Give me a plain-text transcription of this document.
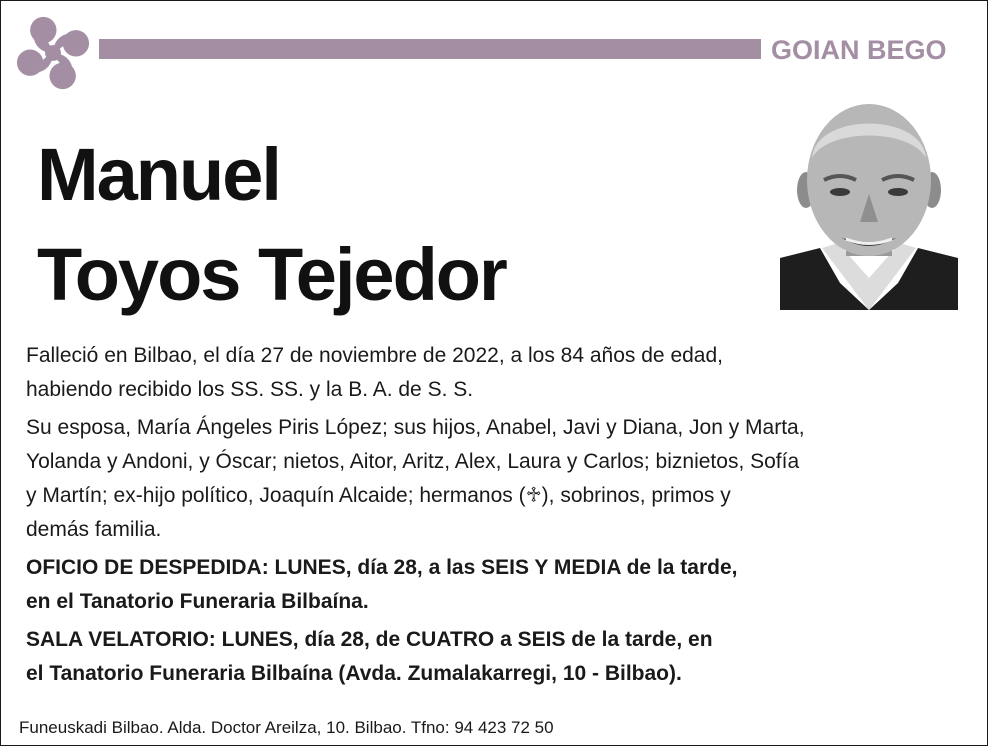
GOIAN BEGO
Manuel
Toyos Tejedor

Falleció en Bilbao, el día 27 de noviembre de 2022, a los 84 años de edad,
habiendo recibido los SS. SS. y la B. A. de S. S.

Su esposa, María Ángeles Piris López; sus hijos, Anabel, Javi y Diana, Jon y Marta,
Yolanda y Andoni, y Óscar; nietos, Aitor, Aritz, Alex, Laura y Carlos; biznietos, Sofía
y Martín; ex-hijo político, Joaquín Alcaide; hermanos (♱), sobrinos, primos y
demás familia.

OFICIO DE DESPEDIDA: LUNES, día 28, a las SEIS Y MEDIA de la tarde,
en el Tanatorio Funeraria Bilbaína.

SALA VELATORIO: LUNES, día 28, de CUATRO a SEIS de la tarde, en
el Tanatorio Funeraria Bilbaína (Avda. Zumalakarregi, 10 - Bilbao).

Funeuskadi Bilbao. Alda. Doctor Areilza, 10. Bilbao. Tfno: 94 423 72 50
